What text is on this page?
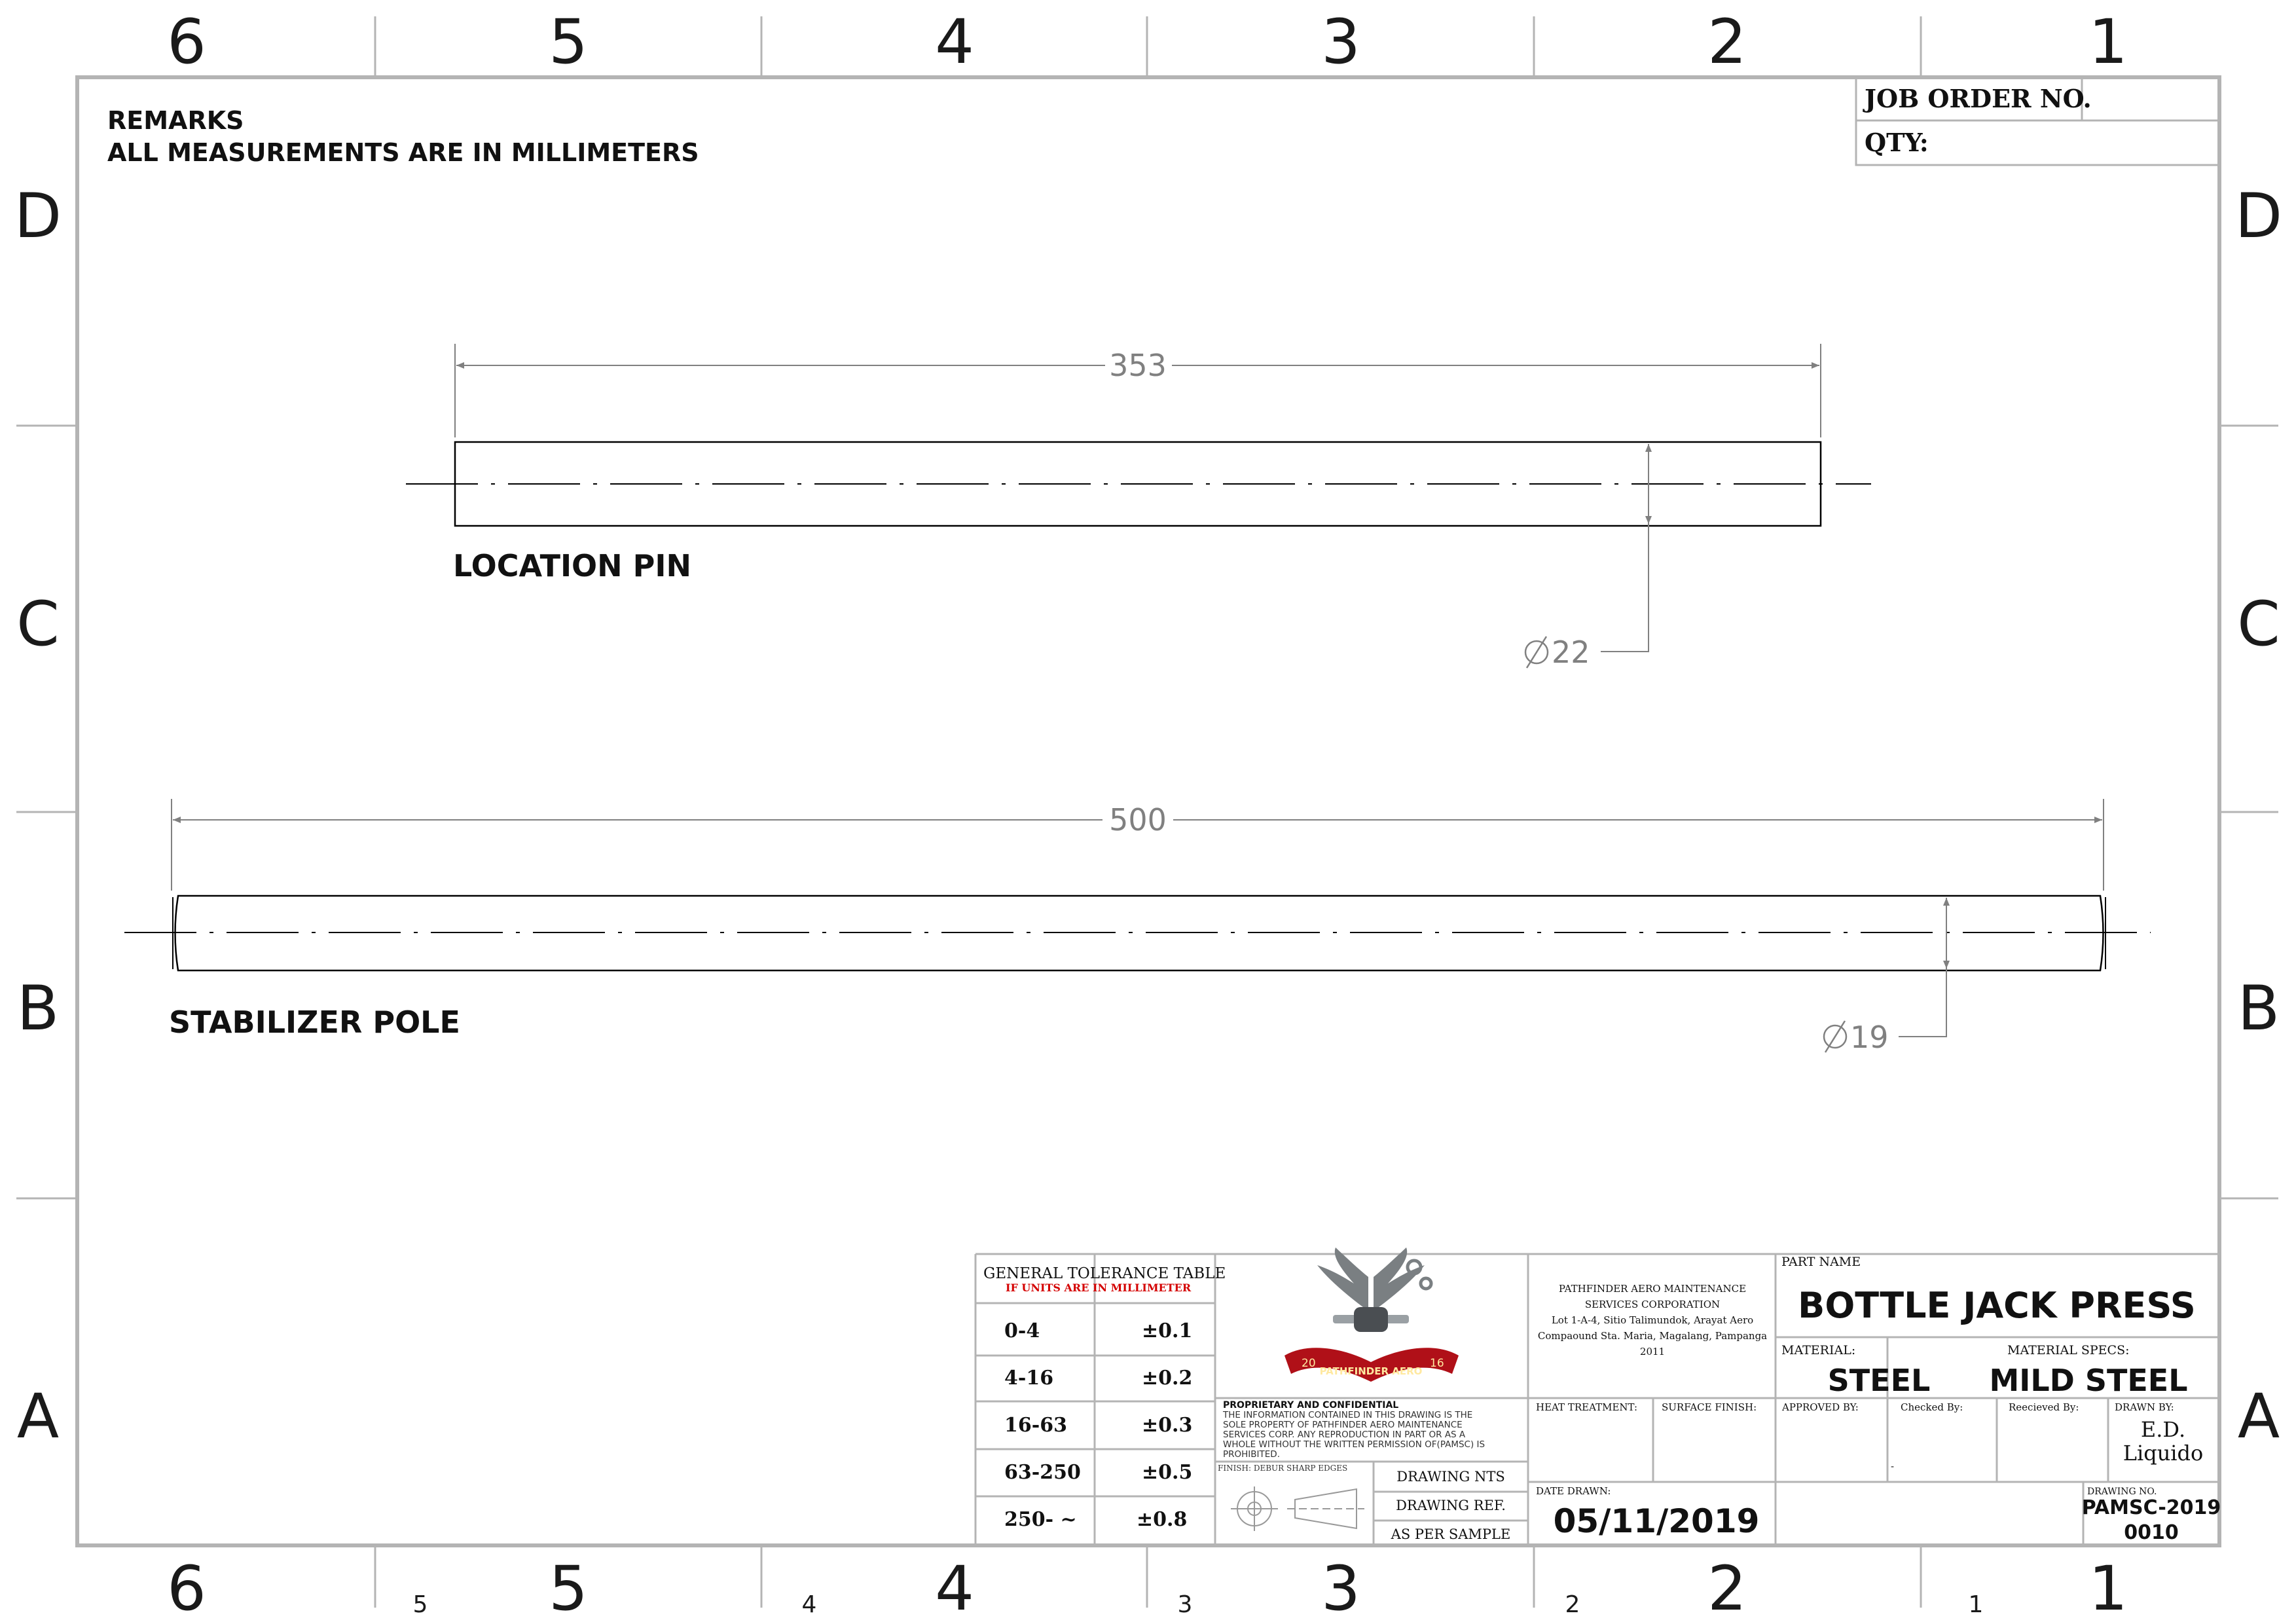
6	5	4	3	2	1
6	5	4	3	2	1
D
C
B
A
D
C
B
A
5	4	3	2	1
REMARKS
ALL MEASUREMENTS ARE IN MILLIMETERS
JOB ORDER NO.
QTY:
353
22
LOCATION PIN
500
19
STABILIZER POLE
GENERAL TOLERANCE TABLE
IF UNITS ARE IN MILLIMETER
0-4	±0.1
4-16	±0.2
16-63	±0.3
63-250	±0.5
250- ~	±0.8
20	16
PATHFINDER AERO
PROPRIETARY AND CONFIDENTIAL
THE INFORMATION CONTAINED IN THIS DRAWING IS THE
SOLE PROPERTY OF PATHFINDER AERO MAINTENANCE
SERVICES CORP. ANY REPRODUCTION IN PART OR AS A
WHOLE WITHOUT THE WRITTEN PERMISSION OF(PAMSC) IS
PROHIBITED.
FINISH: DEBUR SHARP EDGES
DRAWING NTS
DRAWING REF.
AS PER SAMPLE
PATHFINDER AERO MAINTENANCE
SERVICES CORPORATION
Lot 1-A-4, Sitio Talimundok, Arayat Aero
Compaound Sta. Maria, Magalang, Pampanga
2011
PART NAME
BOTTLE JACK PRESS
MATERIAL:
STEEL
MATERIAL SPECS:
MILD STEEL
HEAT TREATMENT: SURFACE FINISH:	APPROVED BY:	Checked By:	Reecieved By:	DRAWN BY:
-
E.D.
Liquido
DATE DRAWN:
05/11/2019
DRAWING NO.
PAMSC-2019
0010
